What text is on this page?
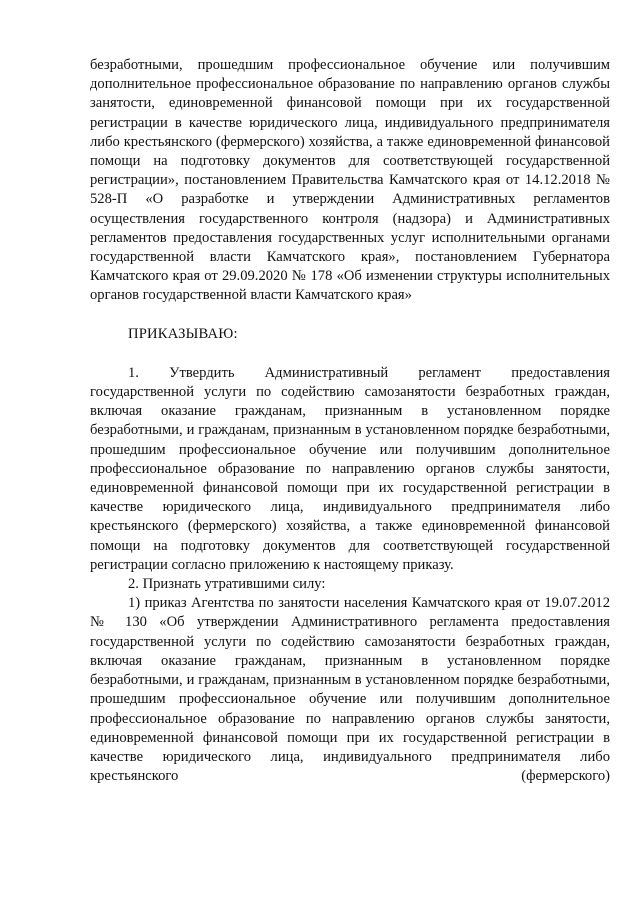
безработными, прошедшим профессиональное обучение или получившим дополнительное профессиональное образование по направлению органов службы занятости, единовременной финансовой помощи при их государственной регистрации в качестве юридического лица, индивидуального предпринимателя либо крестьянского (фермерского) хозяйства, а также единовременной финансовой помощи на подготовку документов для соответствующей государственной регистрации», постановлением Правительства Камчатского края от 14.12.2018 № 528-П «О разработке и утверждении Административных регламентов осуществления государственного контроля (надзора) и Административных регламентов предоставления государственных услуг исполнительными органами государственной власти Камчатского края», постановлением Губернатора Камчатского края от 29.09.2020 № 178 «Об изменении структуры исполнительных органов государственной власти Камчатского края»

ПРИКАЗЫВАЮ:

1. Утвердить Административный регламент предоставления государственной услуги по содействию самозанятости безработных граждан, включая оказание гражданам, признанным в установленном порядке безработными, и гражданам, признанным в установленном порядке безработными, прошедшим профессиональное обучение или получившим дополнительное профессиональное образование по направлению органов службы занятости, единовременной финансовой помощи при их государственной регистрации в качестве юридического лица, индивидуального предпринимателя либо крестьянского (фермерского) хозяйства, а также единовременной финансовой помощи на подготовку документов для соответствующей государственной регистрации согласно приложению к настоящему приказу.

2. Признать утратившими силу:

1) приказ Агентства по занятости населения Камчатского края от 19.07.2012 № 130 «Об утверждении Административного регламента предоставления государственной услуги по содействию самозанятости безработных граждан, включая оказание гражданам, признанным в установленном порядке безработными, и гражданам, признанным в установленном порядке безработными, прошедшим профессиональное обучение или получившим дополнительное профессиональное образование по направлению органов службы занятости, единовременной финансовой помощи при их государственной регистрации в качестве юридического лица, индивидуального предпринимателя либо крестьянского (фермерского)
